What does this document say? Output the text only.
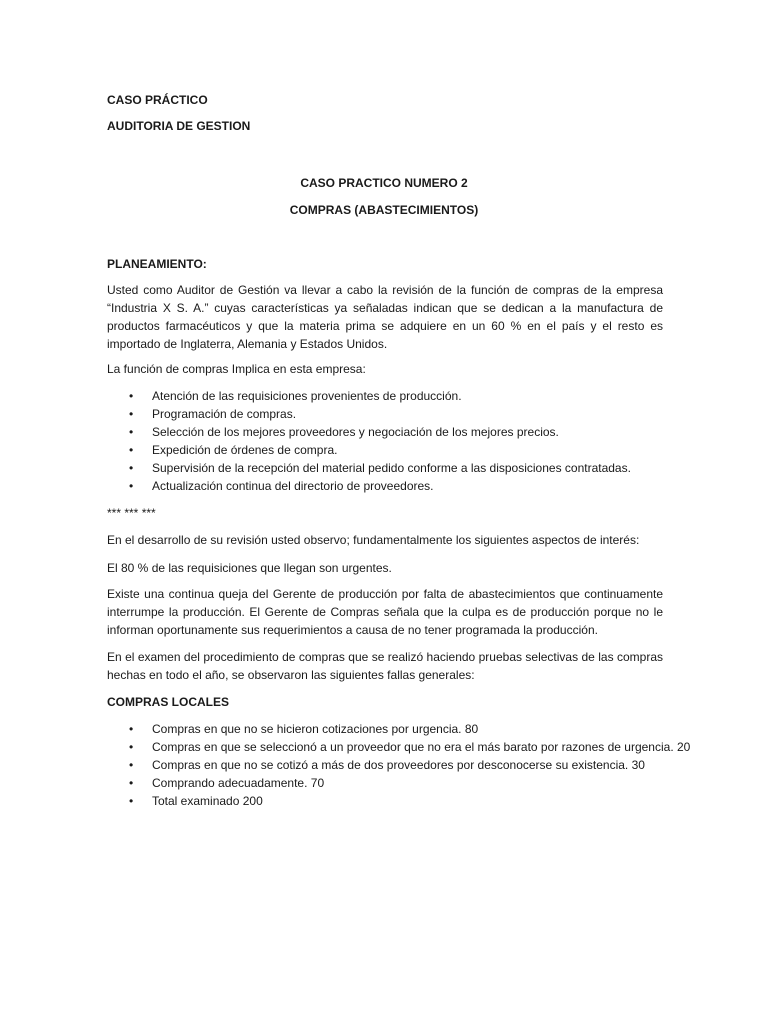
CASO PRÁCTICO
AUDITORIA DE GESTION
CASO PRACTICO NUMERO 2
COMPRAS (ABASTECIMIENTOS)
PLANEAMIENTO:
Usted como Auditor de Gestión va llevar a cabo la revisión de la función de compras de la empresa “Industria X S. A.” cuyas características ya señaladas indican que se dedican a la manufactura de productos farmacéuticos y que la materia prima se adquiere en un 60 % en el país y el resto es importado de Inglaterra, Alemania y Estados Unidos.
La función de compras Implica en esta empresa:
• Atención de las requisiciones provenientes de producción.
• Programación de compras.
• Selección de los mejores proveedores y negociación de los mejores precios.
• Expedición de órdenes de compra.
• Supervisión de la recepción del material pedido conforme a las disposiciones contratadas.
• Actualización continua del directorio de proveedores.
*** *** ***
En el desarrollo de su revisión usted observo; fundamentalmente los siguientes aspectos de interés:
El 80 % de las requisiciones que llegan son urgentes.
Existe una continua queja del Gerente de producción por falta de abastecimientos que continuamente interrumpe la producción. El Gerente de Compras señala que la culpa es de producción porque no le informan oportunamente sus requerimientos a causa de no tener programada la producción.
En el examen del procedimiento de compras que se realizó haciendo pruebas selectivas de las compras hechas en todo el año, se observaron las siguientes fallas generales:
COMPRAS LOCALES
• Compras en que no se hicieron cotizaciones por urgencia. 80
• Compras en que se seleccionó a un proveedor que no era el más barato por razones de urgencia. 20
• Compras en que no se cotizó a más de dos proveedores por desconocerse su existencia. 30
• Comprando adecuadamente. 70
• Total examinado 200
